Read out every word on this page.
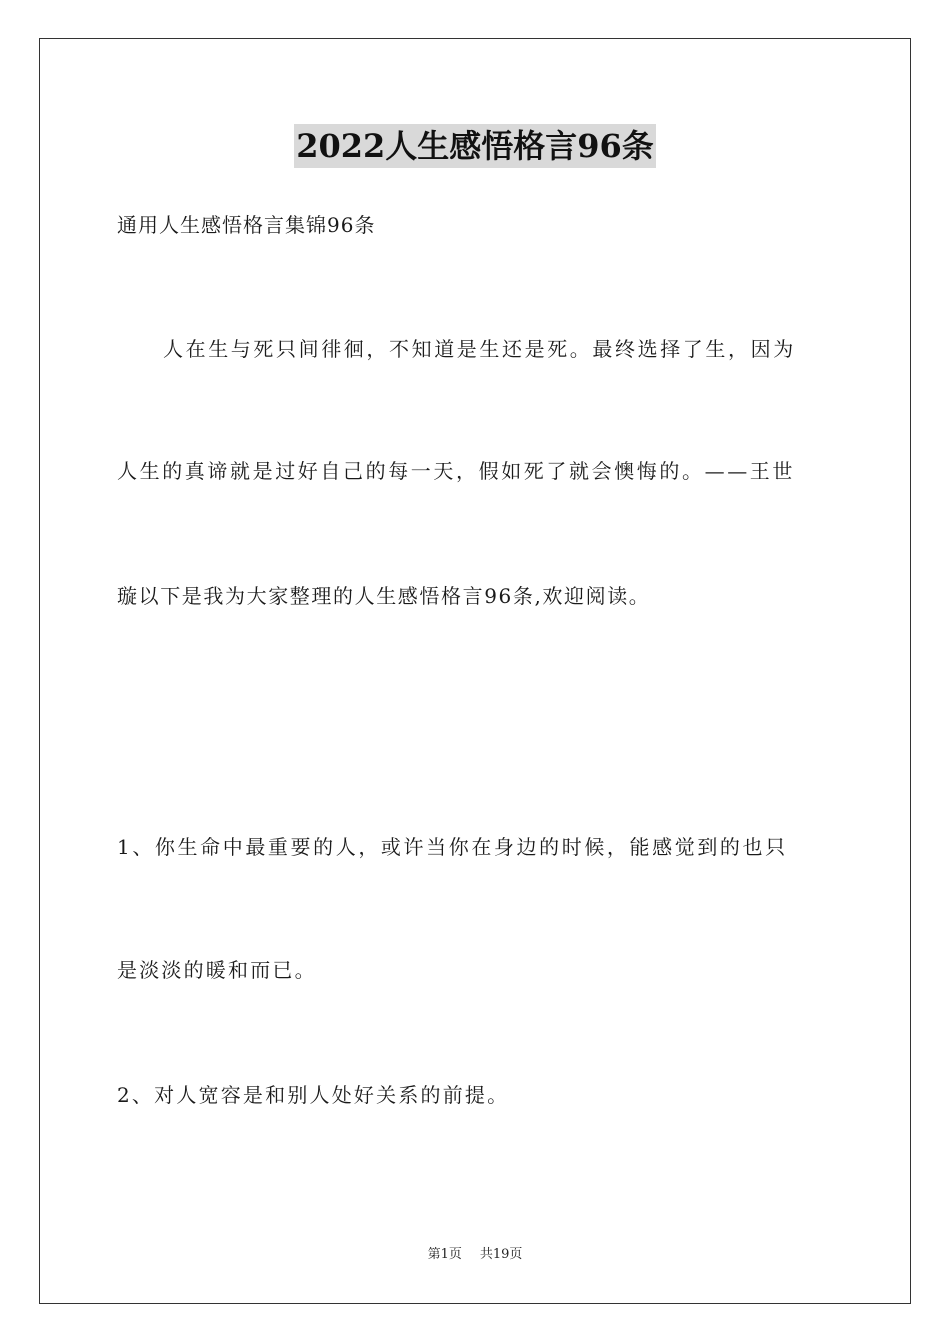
2022人生感悟格言96条
通用人生感悟格言集锦96条
人在生与死只间徘徊，不知道是生还是死。最终选择了生，因为
人生的真谛就是过好自己的每一天，假如死了就会懊悔的。——王世
璇以下是我为大家整理的人生感悟格言96条,欢迎阅读。
1、你生命中最重要的人，或许当你在身边的时候，能感觉到的也只
是淡淡的暖和而已。
2、对人宽容是和别人处好关系的前提。
第1页 共19页
